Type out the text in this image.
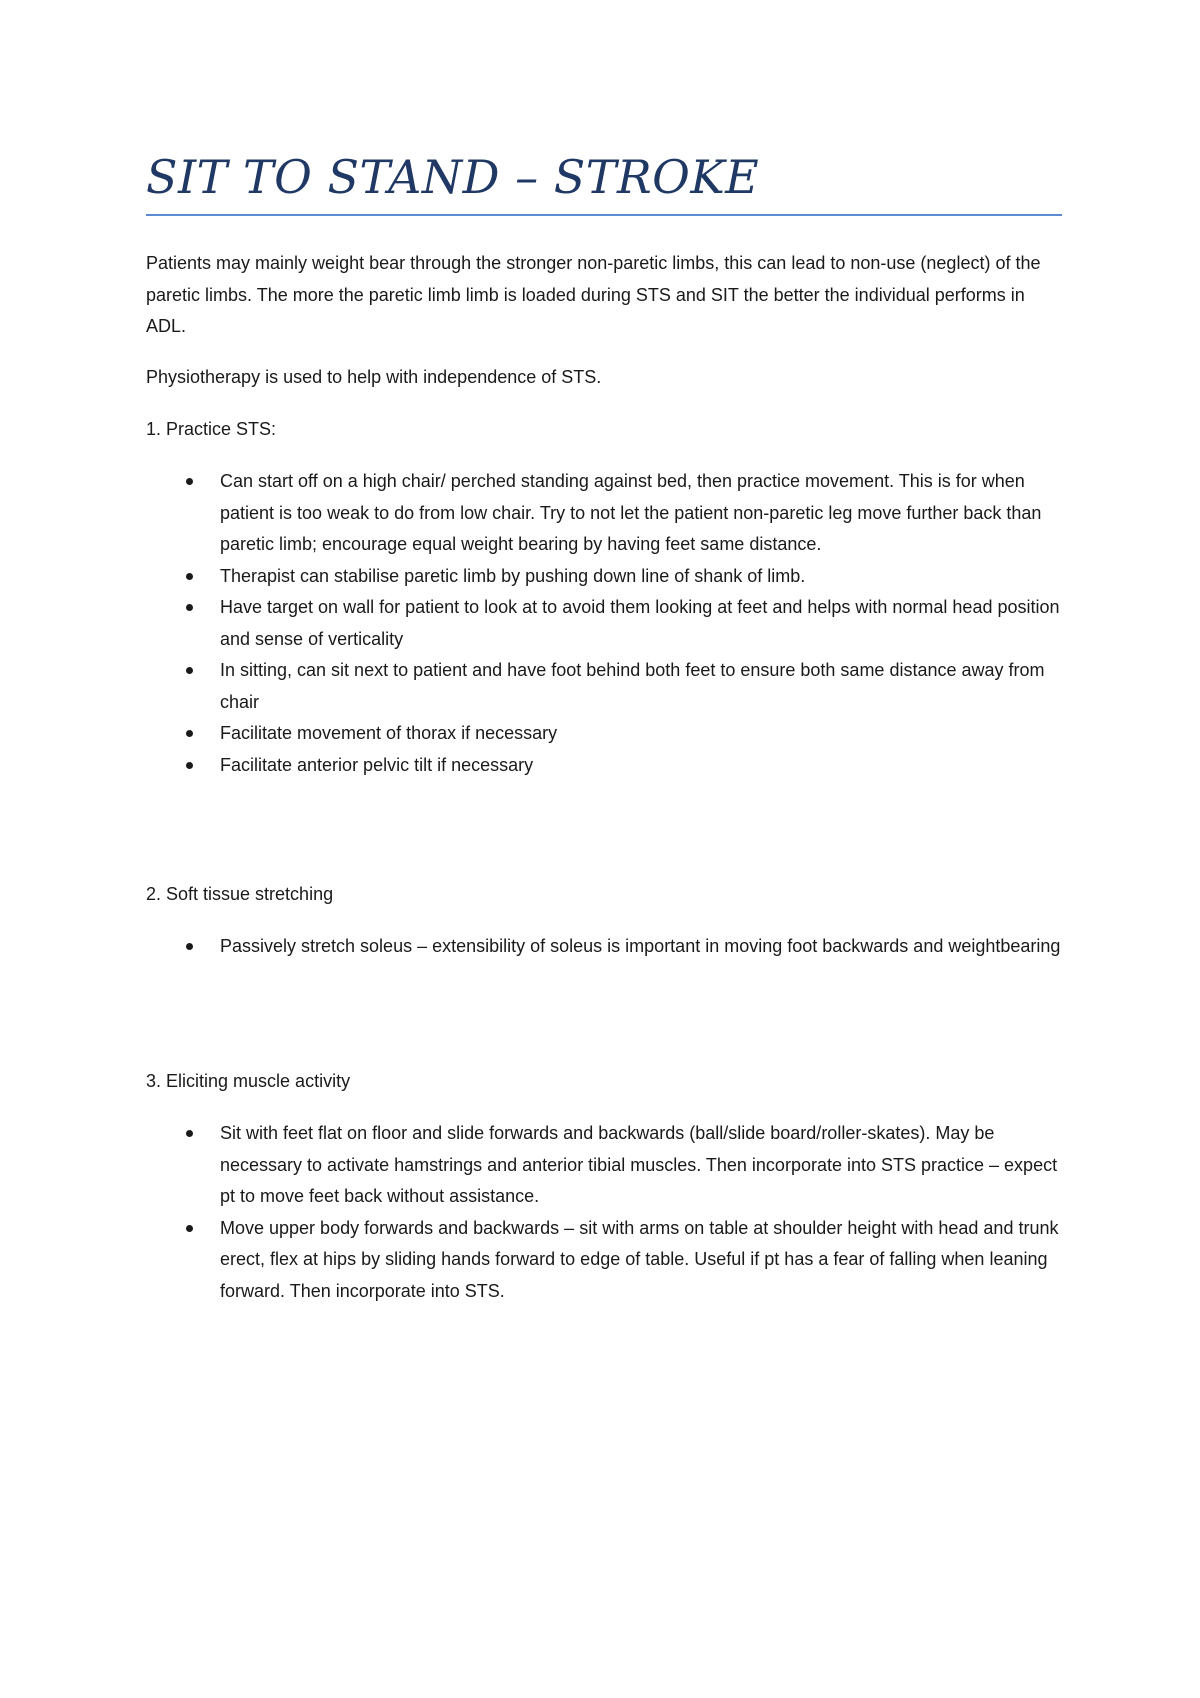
SIT TO STAND – STROKE

Patients may mainly weight bear through the stronger non-paretic limbs, this can lead to non-use (neglect) of the paretic limbs. The more the paretic limb limb is loaded during STS and SIT the better the individual performs in ADL.

Physiotherapy is used to help with independence of STS.

1. Practice STS:

Can start off on a high chair/ perched standing against bed, then practice movement. This is for when patient is too weak to do from low chair. Try to not let the patient non-paretic leg move further back than paretic limb; encourage equal weight bearing by having feet same distance.
Therapist can stabilise paretic limb by pushing down line of shank of limb.
Have target on wall for patient to look at to avoid them looking at feet and helps with normal head position and sense of verticality
In sitting, can sit next to patient and have foot behind both feet to ensure both same distance away from chair
Facilitate movement of thorax if necessary
Facilitate anterior pelvic tilt if necessary

2. Soft tissue stretching

Passively stretch soleus – extensibility of soleus is important in moving foot backwards and weightbearing

3. Eliciting muscle activity

Sit with feet flat on floor and slide forwards and backwards (ball/slide board/roller-skates). May be necessary to activate hamstrings and anterior tibial muscles. Then incorporate into STS practice – expect pt to move feet back without assistance.
Move upper body forwards and backwards – sit with arms on table at shoulder height with head and trunk erect, flex at hips by sliding hands forward to edge of table. Useful if pt has a fear of falling when leaning forward. Then incorporate into STS.
